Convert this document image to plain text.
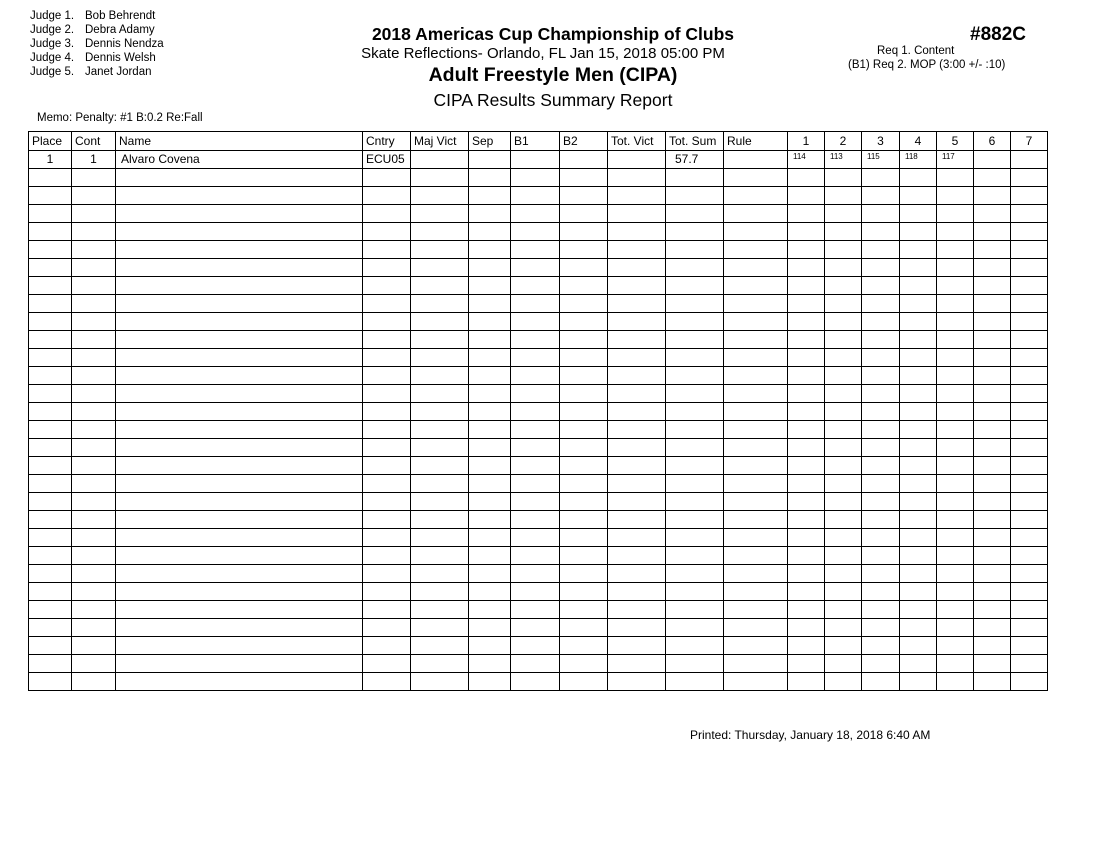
Judge 1. Bob Behrendt
Judge 2. Debra Adamy
Judge 3. Dennis Nendza
Judge 4. Dennis Welsh
Judge 5. Janet Jordan
2018 Americas Cup Championship of Clubs
Skate Reflections- Orlando, FL Jan 15, 2018 05:00 PM
Adult Freestyle Men (CIPA)
CIPA Results Summary Report
#882C
Req 1. Content
(B1) Req 2. MOP (3:00 +/- :10)
Memo: Penalty: #1 B:0.2 Re:Fall
Place	Cont	Name	Cntry	Maj Vict	Sep	B1	B2	Tot. Vict	Tot. Sum	Rule	1	2	3	4	5	6	7
1	1	Alvaro Covena	ECU05						57.7		114	113	115	118	117		

Printed: Thursday, January 18, 2018 6:40 AM
